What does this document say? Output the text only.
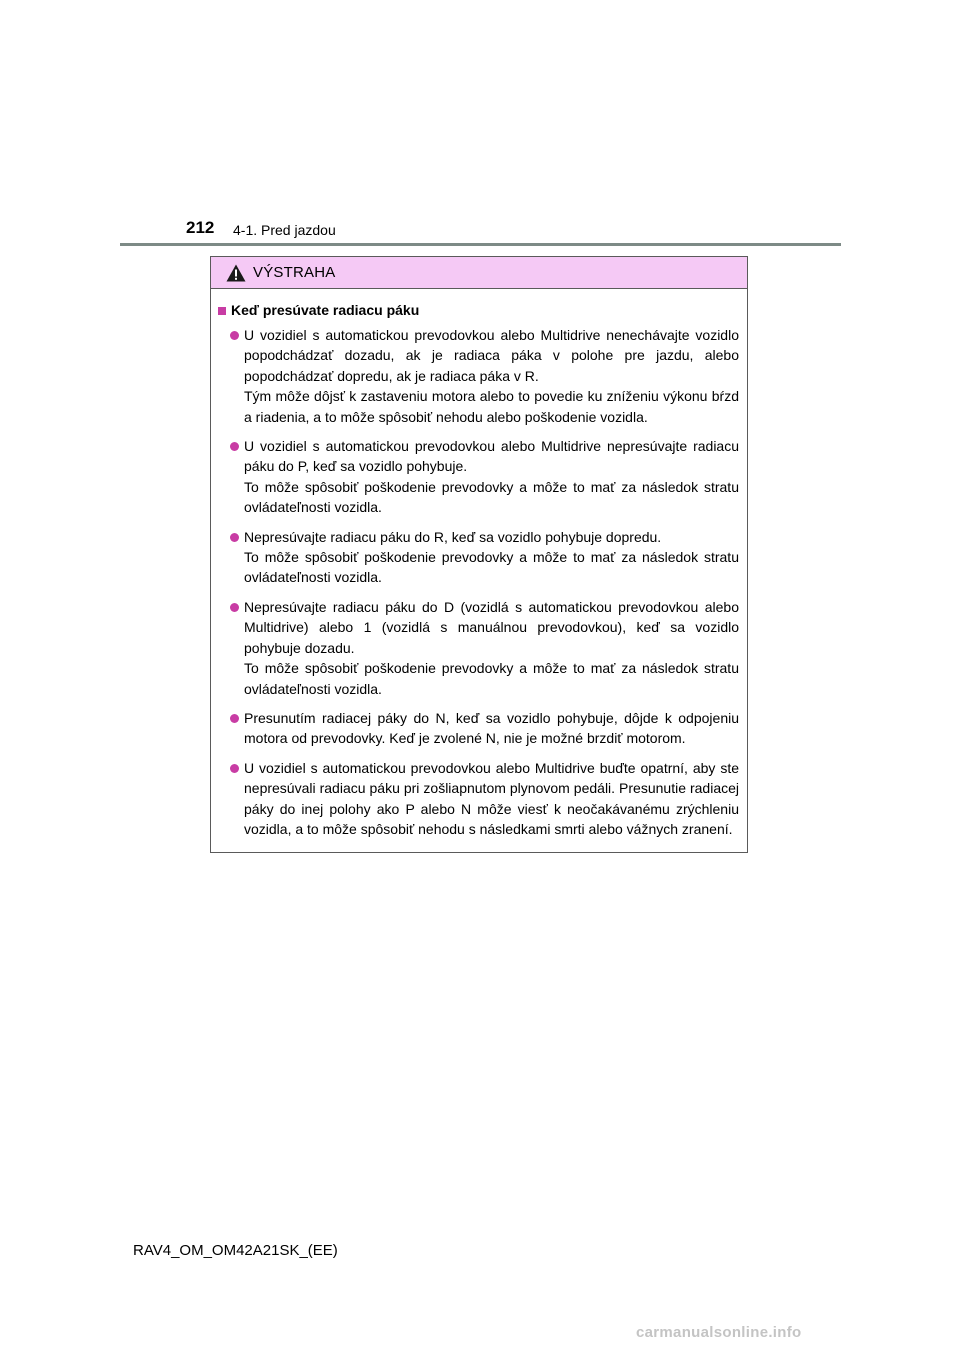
212 4-1. Pred jazdou
VÝSTRAHA
Keď presúvate radiacu páku

U vozidiel s automatickou prevodovkou alebo Multidrive nenechávajte vozidlo popodchádzať dozadu, ak je radiaca páka v polohe pre jazdu, alebo popodchádzať dopredu, ak je radiaca páka v R.

Tým môže dôjsť k zastaveniu motora alebo to povedie ku zníženiu výkonu bŕzd a riadenia, a to môže spôsobiť nehodu alebo poškodenie vozidla.

U vozidiel s automatickou prevodovkou alebo Multidrive nepresúvajte radiacu páku do P, keď sa vozidlo pohybuje.

To môže spôsobiť poškodenie prevodovky a môže to mať za následok stratu ovládateľnosti vozidla.

Nepresúvajte radiacu páku do R, keď sa vozidlo pohybuje dopredu.

To môže spôsobiť poškodenie prevodovky a môže to mať za následok stratu ovládateľnosti vozidla.

Nepresúvajte radiacu páku do D (vozidlá s automatickou prevodovkou alebo Multidrive) alebo 1 (vozidlá s manuálnou prevodovkou), keď sa vozidlo pohybuje dozadu.

To môže spôsobiť poškodenie prevodovky a môže to mať za následok stratu ovládateľnosti vozidla.

Presunutím radiacej páky do N, keď sa vozidlo pohybuje, dôjde k odpojeniu motora od prevodovky. Keď je zvolené N, nie je možné brzdiť motorom.

U vozidiel s automatickou prevodovkou alebo Multidrive buďte opatrní, aby ste nepresúvali radiacu páku pri zošliapnutom plynovom pedáli. Presunutie radiacej páky do inej polohy ako P alebo N môže viesť k neočakávanému zrýchleniu vozidla, a to môže spôsobiť nehodu s následkami smrti alebo vážnych zranení.

RAV4_OM_OM42A21SK_(EE)
carmanualsonline.info
